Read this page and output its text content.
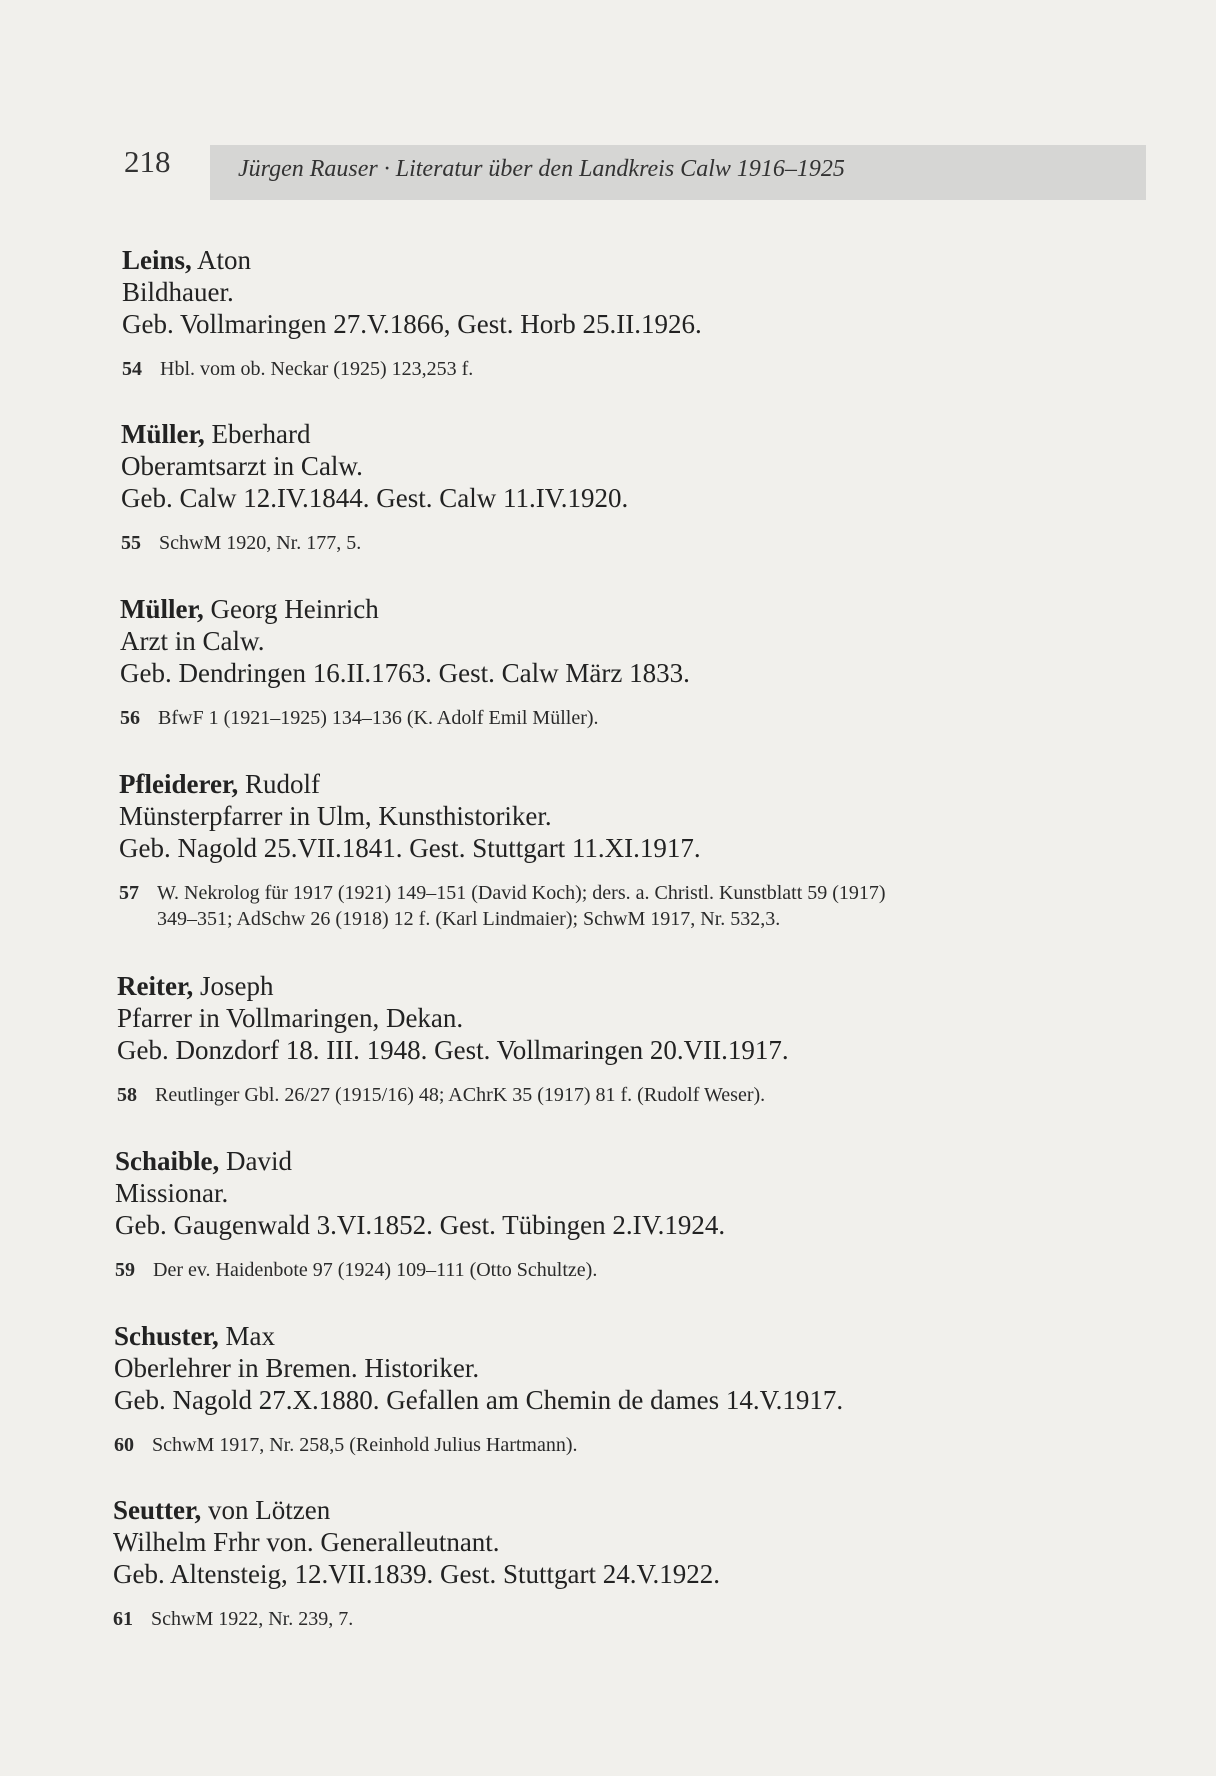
218	Jürgen Rauser · Literatur über den Landkreis Calw 1916–1925
Leins, Aton
Bildhauer.
Geb. Vollmaringen 27.V.1866, Gest. Horb 25.II.1926.
54 Hbl. vom ob. Neckar (1925) 123,253 f.
Müller, Eberhard
Oberamtsarzt in Calw.
Geb. Calw 12.IV.1844. Gest. Calw 11.IV.1920.
55 SchwM 1920, Nr. 177, 5.
Müller, Georg Heinrich
Arzt in Calw.
Geb. Dendringen 16.II.1763. Gest. Calw März 1833.
56 BfwF 1 (1921–1925) 134–136 (K. Adolf Emil Müller).
Pfleiderer, Rudolf
Münsterpfarrer in Ulm, Kunsthistoriker.
Geb. Nagold 25.VII.1841. Gest. Stuttgart 11.XI.1917.
57 W. Nekrolog für 1917 (1921) 149–151 (David Koch); ders. a. Christl. Kunstblatt 59 (1917)
349–351; AdSchw 26 (1918) 12 f. (Karl Lindmaier); SchwM 1917, Nr. 532,3.
Reiter, Joseph
Pfarrer in Vollmaringen, Dekan.
Geb. Donzdorf 18. III. 1948. Gest. Vollmaringen 20.VII.1917.
58 Reutlinger Gbl. 26/27 (1915/16) 48; AChrK 35 (1917) 81 f. (Rudolf Weser).
Schaible, David
Missionar.
Geb. Gaugenwald 3.VI.1852. Gest. Tübingen 2.IV.1924.
59 Der ev. Haidenbote 97 (1924) 109–111 (Otto Schultze).
Schuster, Max
Oberlehrer in Bremen. Historiker.
Geb. Nagold 27.X.1880. Gefallen am Chemin de dames 14.V.1917.
60 SchwM 1917, Nr. 258,5 (Reinhold Julius Hartmann).
Seutter, von Lötzen
Wilhelm Frhr von. Generalleutnant.
Geb. Altensteig, 12.VII.1839. Gest. Stuttgart 24.V.1922.
61 SchwM 1922, Nr. 239, 7.
